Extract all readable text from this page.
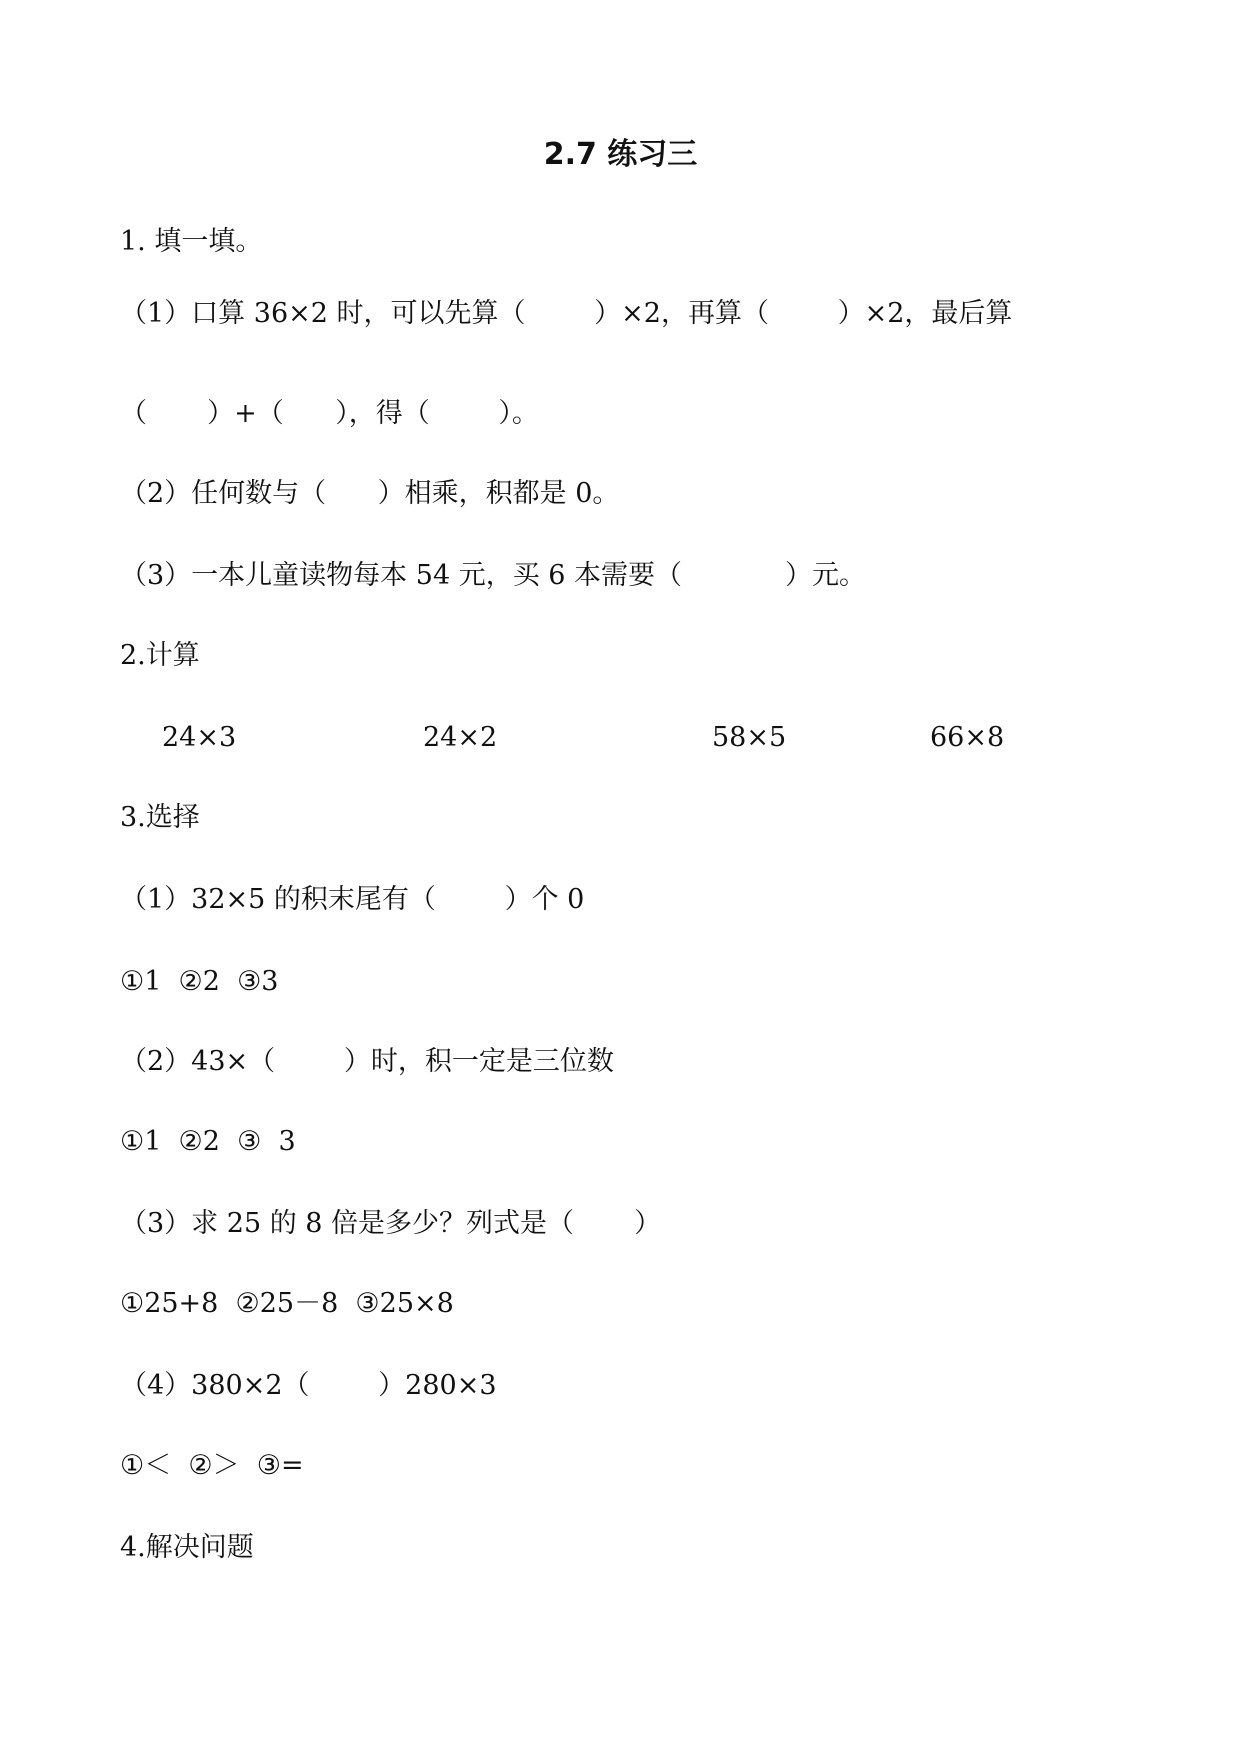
2.7 练习三
1. 填一填。
（1）口算 36×2 时，可以先算（        ）×2，再算（        ）×2，最后算
（       ）+（      ），得（        ）。
（2）任何数与（      ）相乘，积都是 0。
（3）一本儿童读物每本 54 元，买 6 本需要（            ）元。
2.计算
24×3	24×2	58×5	66×8
3.选择
（1）32×5 的积末尾有（        ）个 0
①1  ②2  ③3
（2）43×（        ）时，积一定是三位数
①1  ②2  ③  3
（3）求 25 的 8 倍是多少？列式是（       ）
①25+8  ②25－8  ③25×8
（4）380×2（        ）280×3
①＜  ②＞  ③=
4.解决问题
